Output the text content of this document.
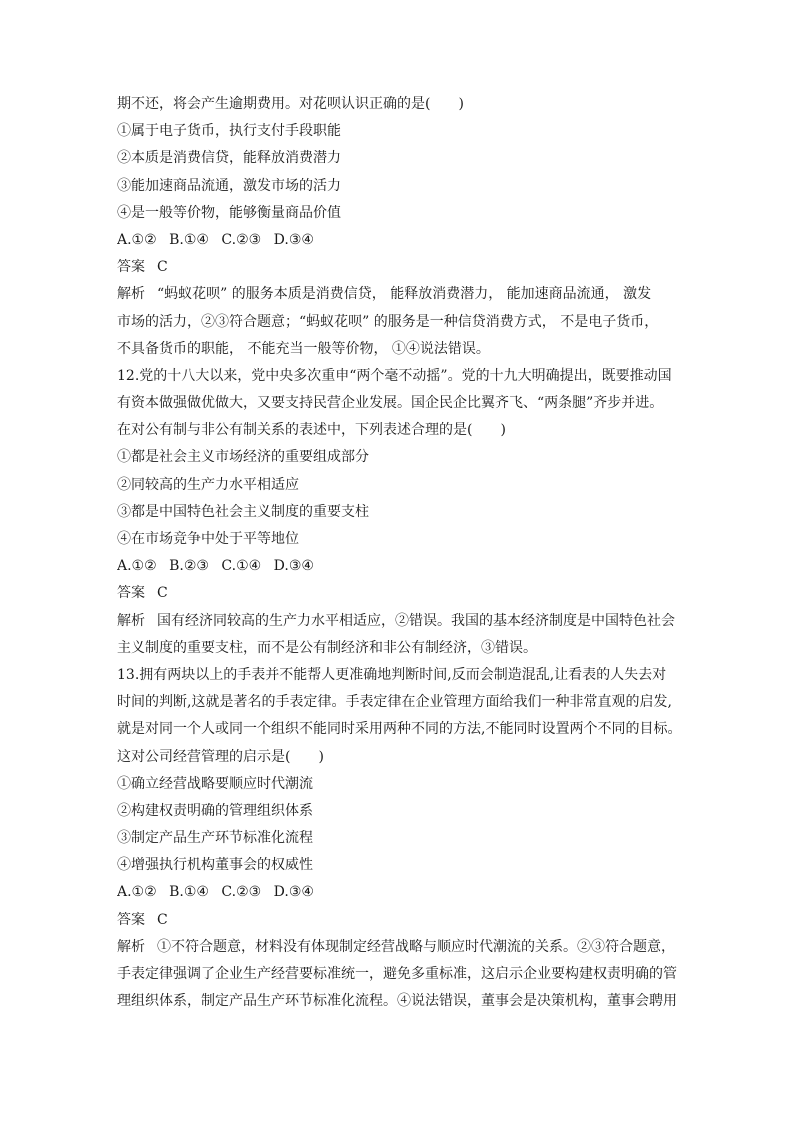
期不还，将会产生逾期费用。对花呗认识正确的是(　　)
①属于电子货币，执行支付手段职能
②本质是消费信贷，能释放消费潜力
③能加速商品流通，激发市场的活力
④是一般等价物，能够衡量商品价值
A.①② B.①④ C.②③ D.③④
答案 C
解析 “蚂蚁花呗” 的服务本质是消费信贷， 能释放消费潜力， 能加速商品流通， 激发
市场的活力，②③符合题意；“蚂蚁花呗” 的服务是一种信贷消费方式， 不是电子货币，
不具备货币的职能， 不能充当一般等价物， ①④说法错误。
12.党的十八大以来，党中央多次重申“两个毫不动摇”。党的十九大明确提出，既要推动国
有资本做强做优做大，又要支持民营企业发展。国企民企比翼齐飞、“两条腿”齐步并进。
在对公有制与非公有制关系的表述中，下列表述合理的是(　　)
①都是社会主义市场经济的重要组成部分
②同较高的生产力水平相适应
③都是中国特色社会主义制度的重要支柱
④在市场竞争中处于平等地位
A.①② B.②③ C.①④ D.③④
答案 C
解析 国有经济同较高的生产力水平相适应，②错误。我国的基本经济制度是中国特色社会
主义制度的重要支柱，而不是公有制经济和非公有制经济，③错误。
13.拥有两块以上的手表并不能帮人更准确地判断时间,反而会制造混乱,让看表的人失去对
时间的判断,这就是著名的手表定律。手表定律在企业管理方面给我们一种非常直观的启发,
就是对同一个人或同一个组织不能同时采用两种不同的方法,不能同时设置两个不同的目标。
这对公司经营管理的启示是(　　)
①确立经营战略要顺应时代潮流
②构建权责明确的管理组织体系
③制定产品生产环节标准化流程
④增强执行机构董事会的权威性
A.①② B.①④ C.②③ D.③④
答案 C
解析 ①不符合题意，材料没有体现制定经营战略与顺应时代潮流的关系。②③符合题意，
手表定律强调了企业生产经营要标准统一，避免多重标准，这启示企业要构建权责明确的管
理组织体系，制定产品生产环节标准化流程。④说法错误，董事会是决策机构，董事会聘用
